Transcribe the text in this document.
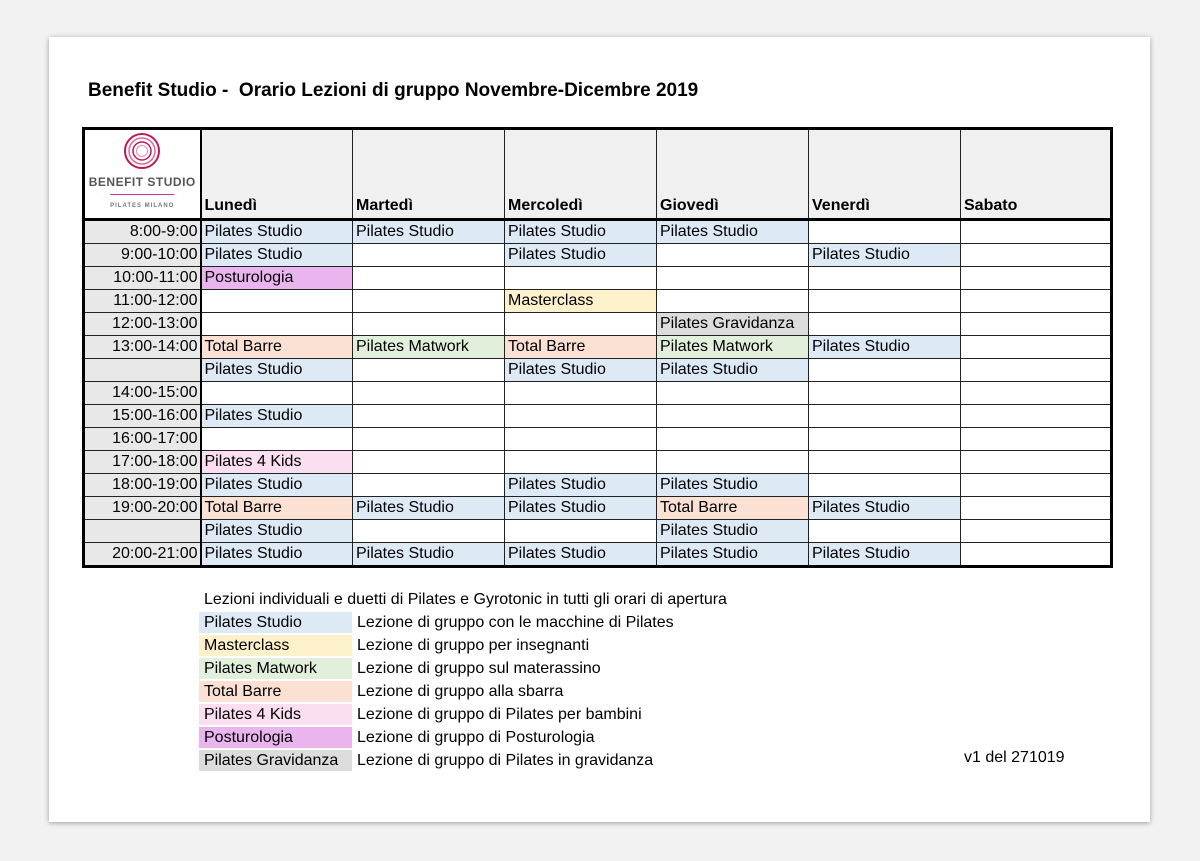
Benefit Studio -  Orario Lezioni di gruppo Novembre-Dicembre 2019
BENEFIT STUDIO
PILATES MILANO	Lunedì	Martedì	Mercoledì	Giovedì	Venerdì	Sabato
8:00-9:00	Pilates Studio	Pilates Studio	Pilates Studio	Pilates Studio		
9:00-10:00	Pilates Studio		Pilates Studio		Pilates Studio	
10:00-11:00	Posturologia					
11:00-12:00			Masterclass			
12:00-13:00				Pilates Gravidanza		
13:00-14:00	Total Barre	Pilates Matwork	Total Barre	Pilates Matwork	Pilates Studio	
	Pilates Studio		Pilates Studio	Pilates Studio		
14:00-15:00						
15:00-16:00	Pilates Studio					
16:00-17:00						
17:00-18:00	Pilates 4 Kids					
18:00-19:00	Pilates Studio		Pilates Studio	Pilates Studio		
19:00-20:00	Total Barre	Pilates Studio	Pilates Studio	Total Barre	Pilates Studio	
	Pilates Studio			Pilates Studio		
20:00-21:00	Pilates Studio	Pilates Studio	Pilates Studio	Pilates Studio	Pilates Studio	
Lezioni individuali e duetti di Pilates e Gyrotonic in tutti gli orari di apertura
Pilates Studio	Lezione di gruppo con le macchine di Pilates
Masterclass	Lezione di gruppo per insegnanti
Pilates Matwork	Lezione di gruppo sul materassino
Total Barre	Lezione di gruppo alla sbarra
Pilates 4 Kids	Lezione di gruppo di Pilates per bambini
Posturologia	Lezione di gruppo di Posturologia
Pilates Gravidanza	Lezione di gruppo di Pilates in gravidanza	v1 del 271019
